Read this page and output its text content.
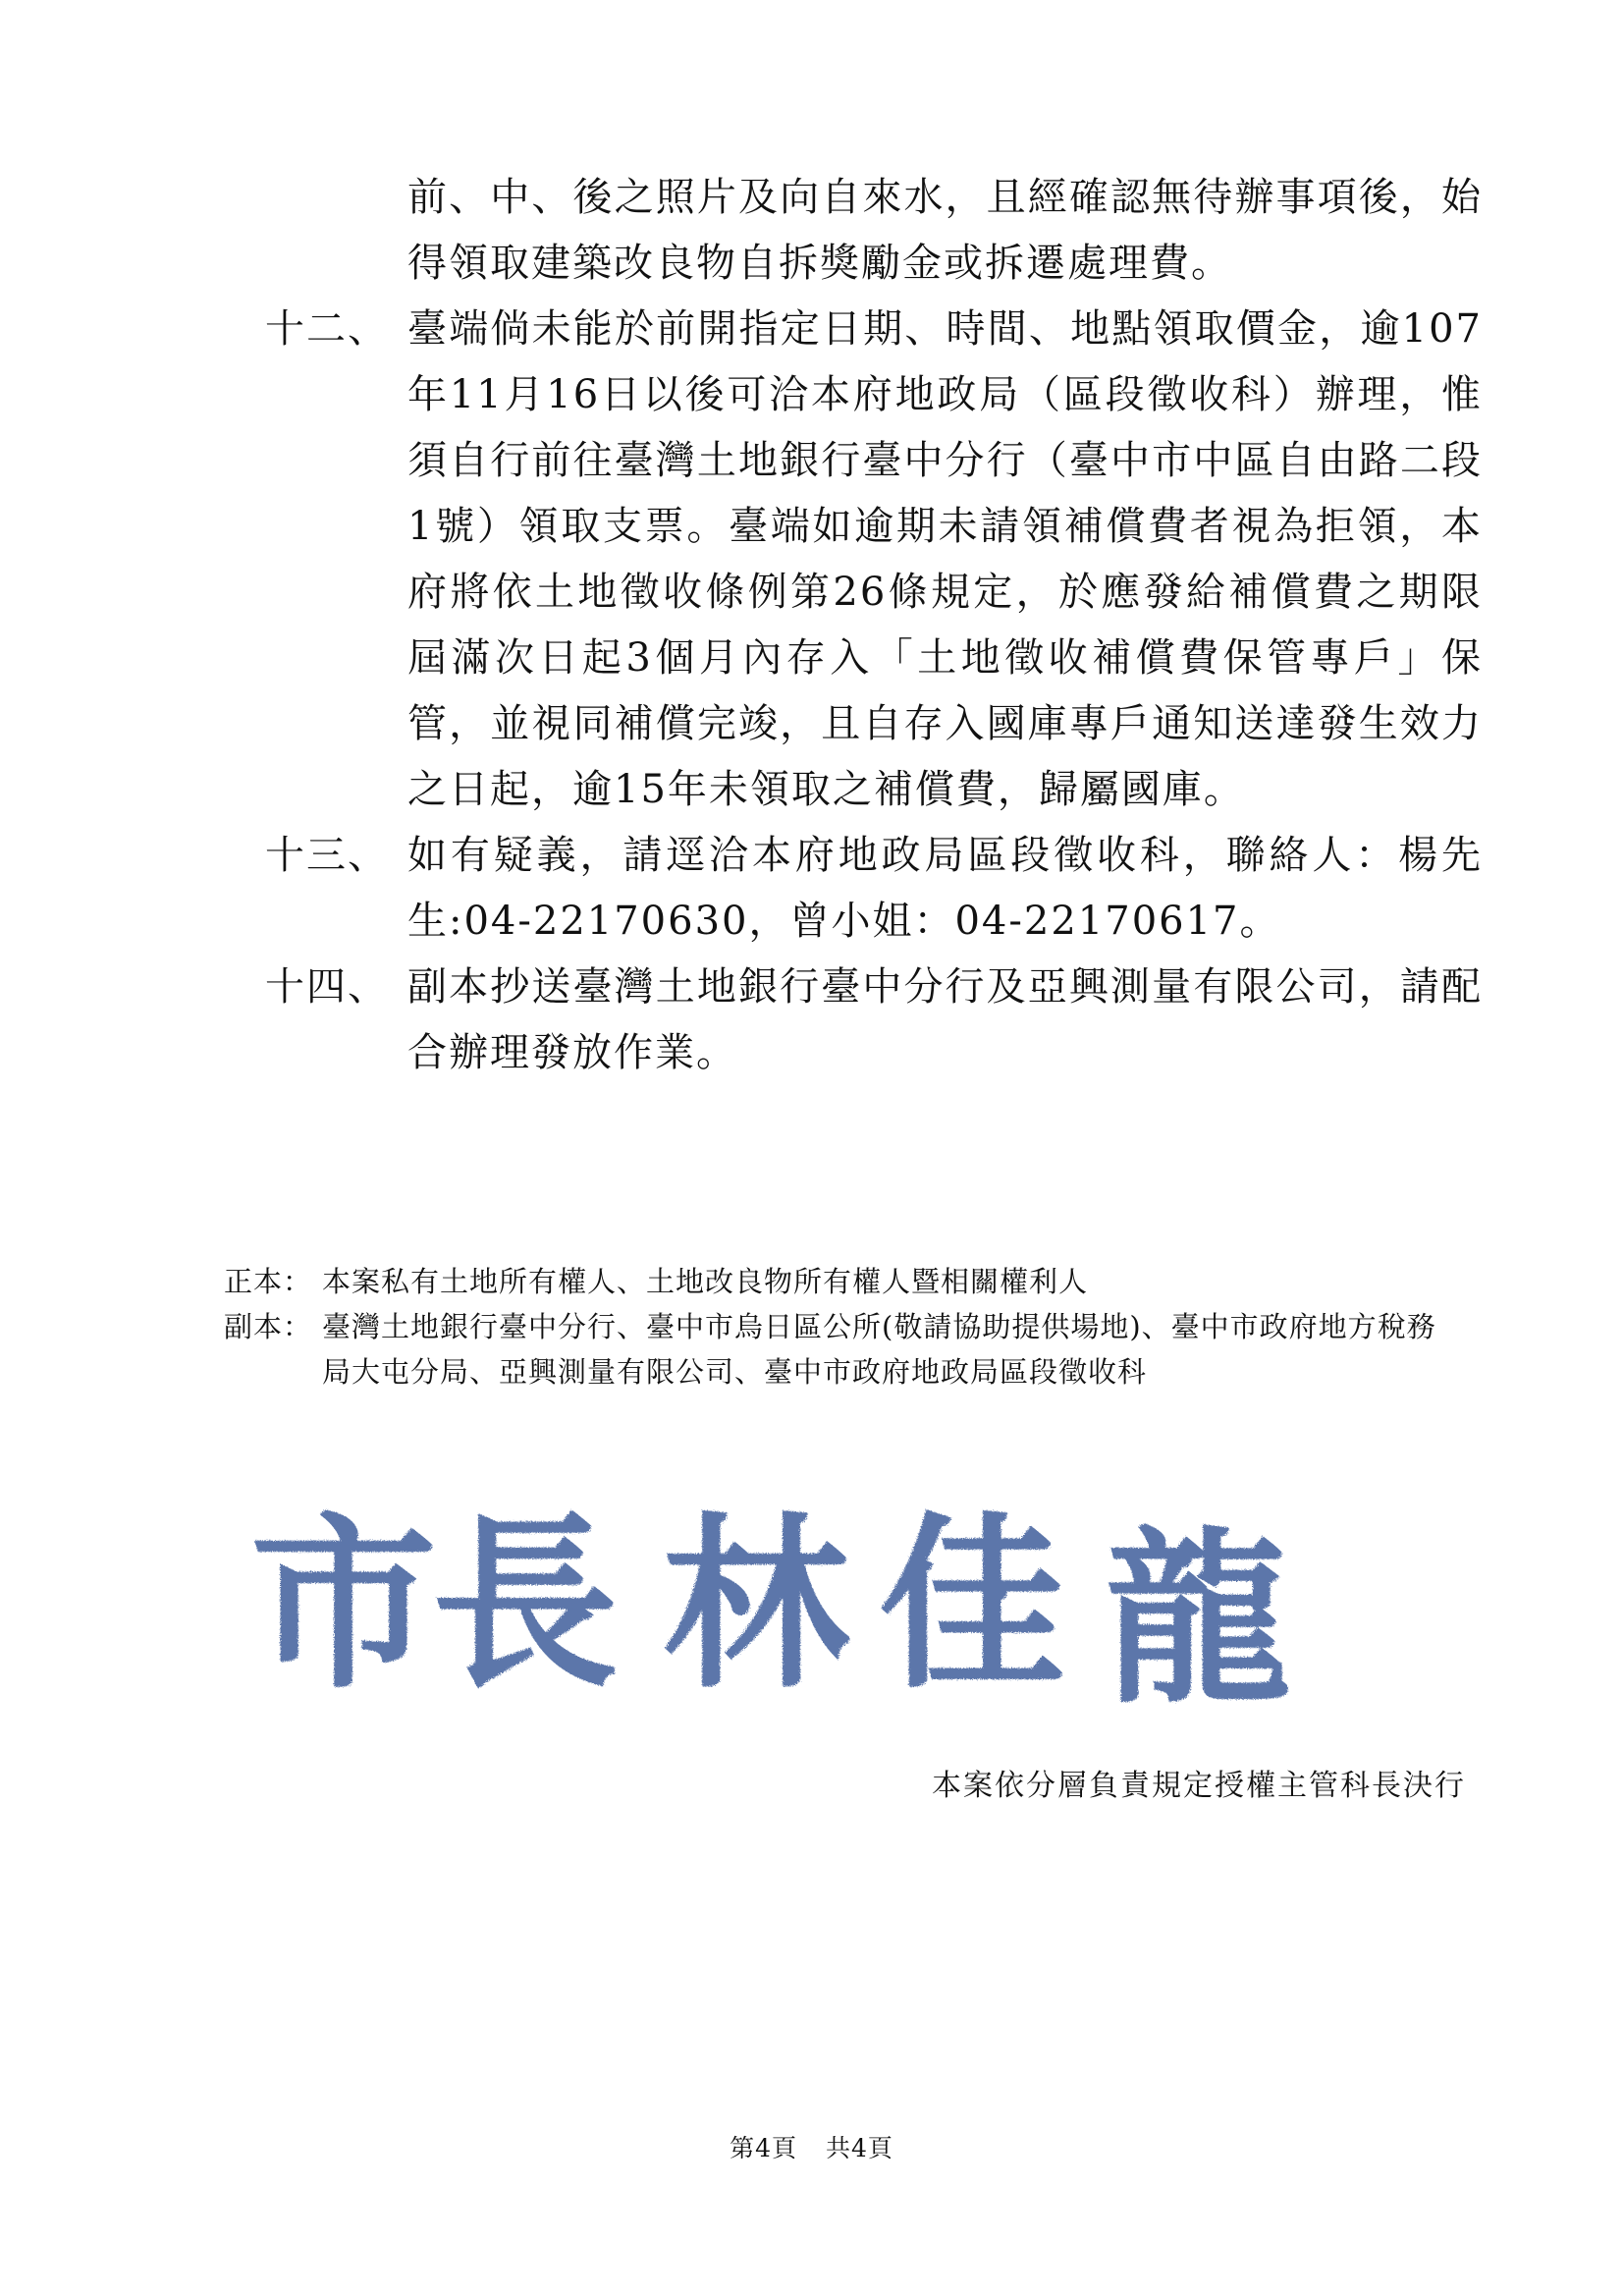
前、中、後之照片及向自來水，且經確認無待辦事項後，始得領取建築改良物自拆獎勵金或拆遷處理費。

十二、 臺端倘未能於前開指定日期、時間、地點領取價金，逾107年11月16日以後可洽本府地政局（區段徵收科）辦理，惟須自行前往臺灣土地銀行臺中分行（臺中市中區自由路二段1號）領取支票。臺端如逾期未請領補償費者視為拒領，本府將依土地徵收條例第26條規定，於應發給補償費之期限屆滿次日起3個月內存入「土地徵收補償費保管專戶」保管，並視同補償完竣，且自存入國庫專戶通知送達發生效力之日起，逾15年未領取之補償費，歸屬國庫。

十三、 如有疑義，請逕洽本府地政局區段徵收科，聯絡人：楊先生:04-22170630，曾小姐：04-22170617。

十四、 副本抄送臺灣土地銀行臺中分行及亞興測量有限公司，請配合辦理發放作業。

正本： 本案私有土地所有權人、土地改良物所有權人暨相關權利人
副本： 臺灣土地銀行臺中分行、臺中市烏日區公所(敬請協助提供場地)、臺中市政府地方稅務局大屯分局、亞興測量有限公司、臺中市政府地政局區段徵收科
市
長 林 佳 龍
本案依分層負責規定授權主管科長決行
第4頁 共4頁
